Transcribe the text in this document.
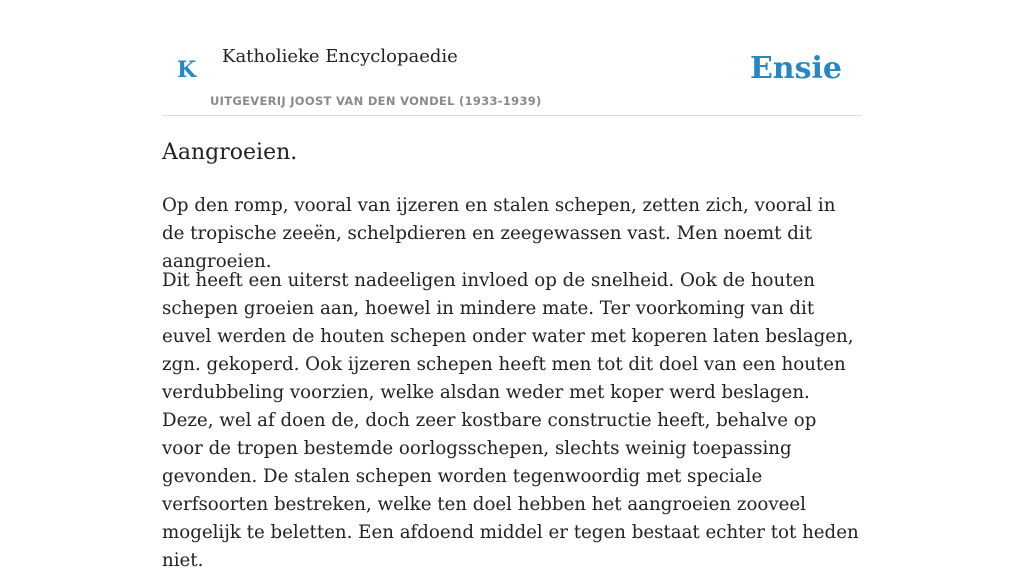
K
Katholieke Encyclopaedie
UITGEVERIJ JOOST VAN DEN VONDEL (1933-1939)
Ensie
Aangroeien.

Op den romp, vooral van ijzeren en stalen schepen, zetten zich, vooral in de tropische zeeën, schelpdieren en zeegewassen vast. Men noemt dit aangroeien.

Dit heeft een uiterst nadeeligen invloed op de snelheid. Ook de houten schepen groeien aan, hoewel in mindere mate. Ter voorkoming van dit euvel werden de houten schepen onder water met koperen laten beslagen, zgn. gekoperd. Ook ijzeren schepen heeft men tot dit doel van een houten verdubbeling voorzien, welke alsdan weder met koper werd beslagen. Deze, wel af doen de, doch zeer kostbare constructie heeft, behalve op voor de tropen bestemde oorlogsschepen, slechts weinig toepassing gevonden. De stalen schepen worden tegenwoordig met speciale verfsoorten bestreken, welke ten doel hebben het aangroeien zooveel mogelijk te beletten. Een afdoend middel er tegen bestaat echter tot heden niet.
